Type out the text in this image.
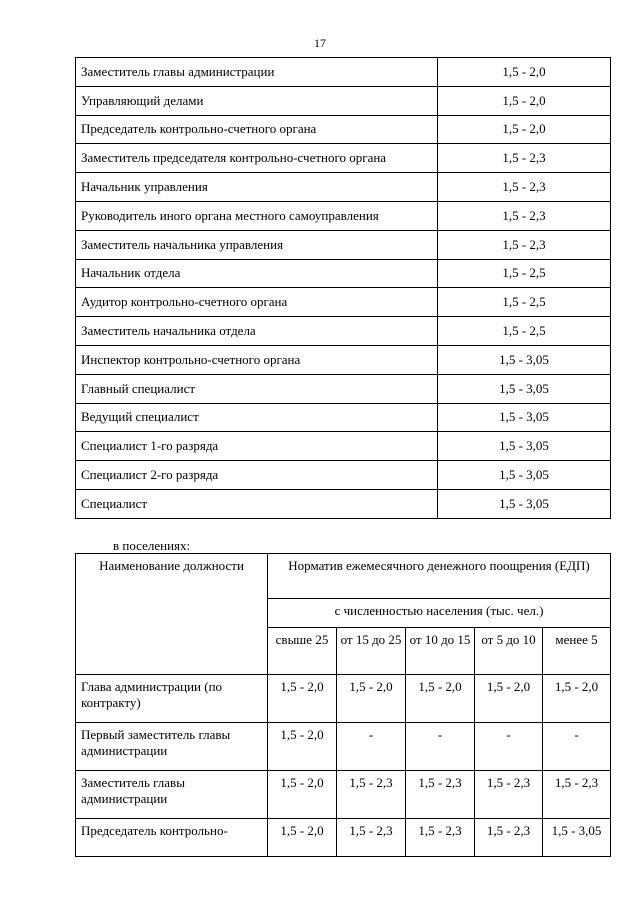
17
Заместитель главы администрации	1,5 - 2,0
Управляющий делами	1,5 - 2,0
Председатель контрольно-счетного органа	1,5 - 2,0
Заместитель председателя контрольно-счетного органа	1,5 - 2,3
Начальник управления	1,5 - 2,3
Руководитель иного органа местного самоуправления	1,5 - 2,3
Заместитель начальника управления	1,5 - 2,3
Начальник отдела	1,5 - 2,5
Аудитор контрольно-счетного органа	1,5 - 2,5
Заместитель начальника отдела	1,5 - 2,5
Инспектор контрольно-счетного органа	1,5 - 3,05
Главный специалист	1,5 - 3,05
Ведущий специалист	1,5 - 3,05
Специалист 1-го разряда	1,5 - 3,05
Специалист 2-го разряда	1,5 - 3,05
Специалист	1,5 - 3,05
в поселениях:
Наименование должности	Норматив ежемесячного денежного поощрения (ЕДП)				
	с численностью населения (тыс. чел.)				
	свыше 25	от 15 до 25	от 10 до 15	от 5 до 10	менее 5
Глава администрации (по контракту)	1,5 - 2,0	1,5 - 2,0	1,5 - 2,0	1,5 - 2,0	1,5 - 2,0
Первый заместитель главы администрации	1,5 - 2,0	-	-	-	-
Заместитель главы администрации	1,5 - 2,0	1,5 - 2,3	1,5 - 2,3	1,5 - 2,3	1,5 - 2,3
Председатель контрольно-	1,5 - 2,0	1,5 - 2,3	1,5 - 2,3	1,5 - 2,3	1,5 - 3,05
